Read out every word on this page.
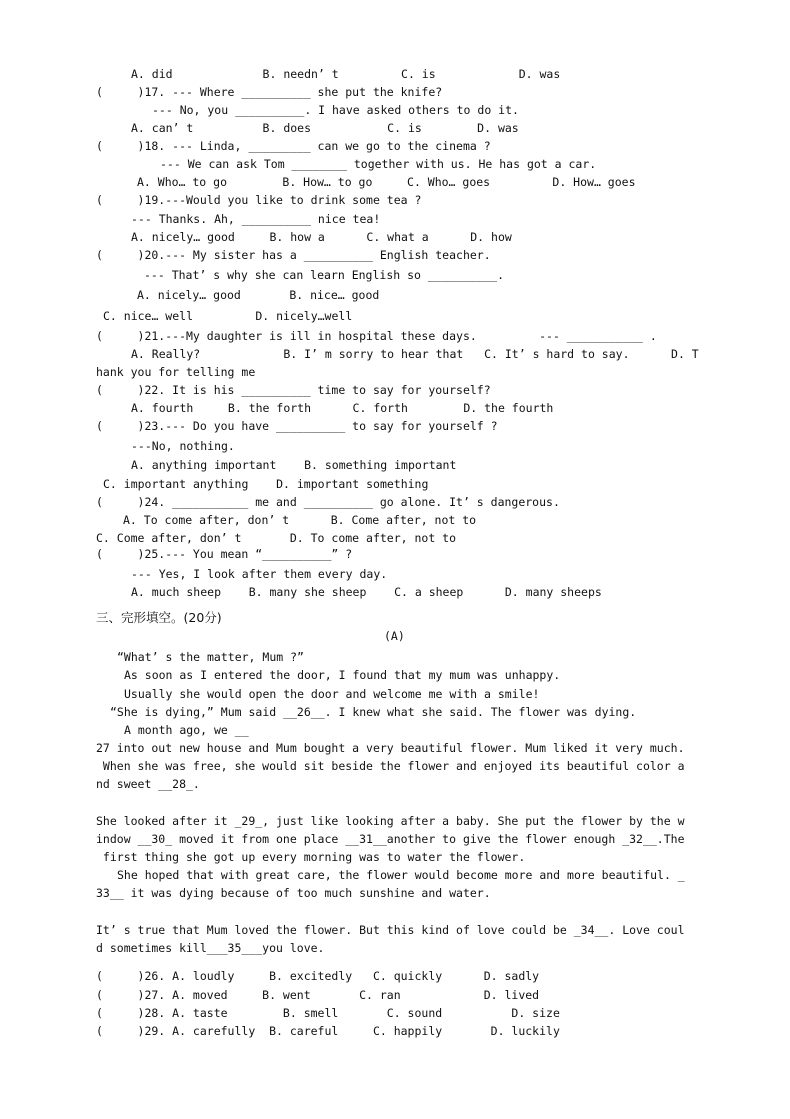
A. did             B. needn’ t         C. is            D. was
(     )17. --- Where __________ she put the knife?
--- No, you __________. I have asked others to do it.
A. can’ t          B. does           C. is        D. was
(     )18. --- Linda, _________ can we go to the cinema ?
--- We can ask Tom ________ together with us. He has got a car.
A. Who… to go        B. How… to go     C. Who… goes         D. How… goes
(     )19.---Would you like to drink some tea ?
--- Thanks. Ah, __________ nice tea!
A. nicely… good     B. how a      C. what a      D. how
(     )20.--- My sister has a __________ English teacher.
--- That’ s why she can learn English so __________.
A. nicely… good       B. nice… good
C. nice… well         D. nicely…well
(     )21.---My daughter is ill in hospital these days.         --- ___________ .
A. Really?            B. I’ m sorry to hear that   C. It’ s hard to say.      D. T
hank you for telling me
(     )22. It is his __________ time to say for yourself?
A. fourth     B. the forth      C. forth        D. the fourth
(     )23.--- Do you have __________ to say for yourself ?
---No, nothing.
A. anything important    B. something important
C. important anything    D. important something
(     )24. ___________ me and __________ go alone. It’ s dangerous.
A. To come after, don’ t      B. Come after, not to
C. Come after, don’ t       D. To come after, not to
(     )25.--- You mean “__________” ?
--- Yes, I look after them every day.
A. much sheep    B. many she sheep    C. a sheep      D. many sheeps
三、完形填空。(20分)
(A)
“What’ s the matter, Mum ?”
As soon as I entered the door, I found that my mum was unhappy.
Usually she would open the door and welcome me with a smile!
“She is dying,” Mum said __26__. I knew what she said. The flower was dying.
A month ago, we __
27 into out new house and Mum bought a very beautiful flower. Mum liked it very much.
When she was free, she would sit beside the flower and enjoyed its beautiful color a
nd sweet __28_.
She looked after it _29_, just like looking after a baby. She put the flower by the w
indow __30_ moved it from one place __31__another to give the flower enough _32__.The
first thing she got up every morning was to water the flower.
She hoped that with great care, the flower would become more and more beautiful. _
33__ it was dying because of too much sunshine and water.
It’ s true that Mum loved the flower. But this kind of love could be _34__. Love coul
d sometimes kill___35___you love.
(     )26. A. loudly     B. excitedly   C. quickly      D. sadly
(     )27. A. moved     B. went       C. ran            D. lived
(     )28. A. taste        B. smell       C. sound          D. size
(     )29. A. carefully  B. careful     C. happily       D. luckily
